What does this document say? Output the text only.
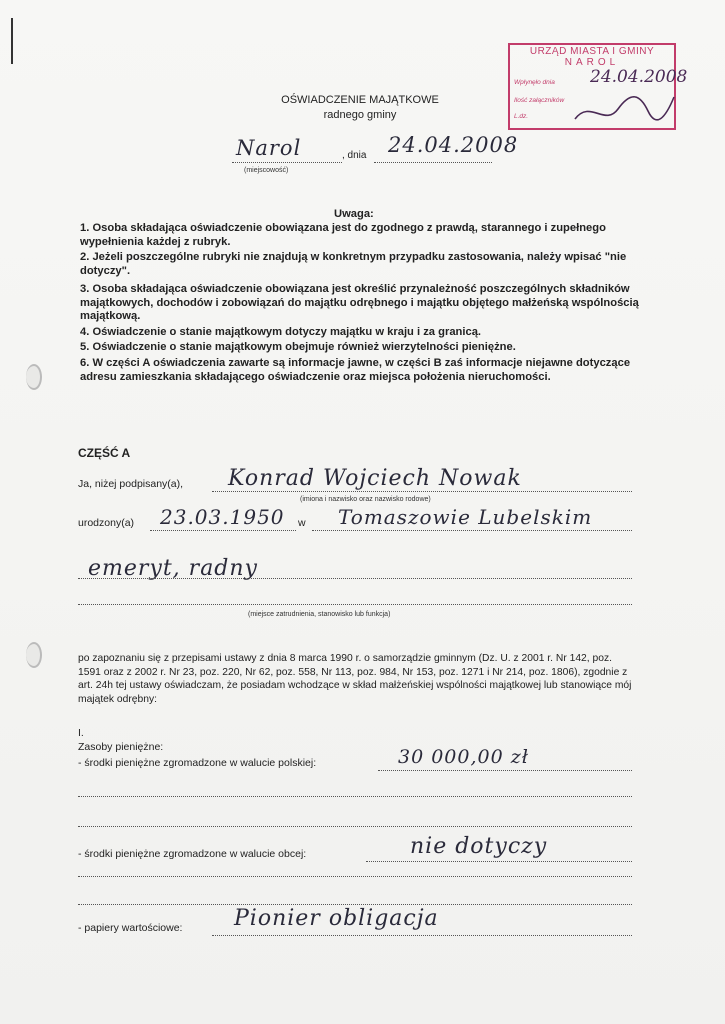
URZĄD MIASTA I GMINY
NAROL
Wpłynęło dnia 24.04.2008
Ilość załączników
L.dz.
OŚWIADCZENIE MAJĄTKOWE
radnego gminy
Narol
(miejscowość)
, dnia 24.04.2008
Uwaga:
1. Osoba składająca oświadczenie obowiązana jest do zgodnego z prawdą, starannego i zupełnego wypełnienia każdej z rubryk.
2. Jeżeli poszczególne rubryki nie znajdują w konkretnym przypadku zastosowania, należy wpisać "nie dotyczy".
3. Osoba składająca oświadczenie obowiązana jest określić przynależność poszczególnych składników majątkowych, dochodów i zobowiązań do majątku odrębnego i majątku objętego małżeńską wspólnością majątkową.
4. Oświadczenie o stanie majątkowym dotyczy majątku w kraju i za granicą.
5. Oświadczenie o stanie majątkowym obejmuje również wierzytelności pieniężne.
6. W części A oświadczenia zawarte są informacje jawne, w części B zaś informacje niejawne dotyczące adresu zamieszkania składającego oświadczenie oraz miejsca położenia nieruchomości.
CZĘŚĆ A
Ja, niżej podpisany(a), Konrad Wojciech Nowak
(imiona i nazwisko oraz nazwisko rodowe)
urodzony(a) 23.03.1950 w Tomaszowie Lubelskim
emeryt, radny
(miejsce zatrudnienia, stanowisko lub funkcja)
po zapoznaniu się z przepisami ustawy z dnia 8 marca 1990 r. o samorządzie gminnym (Dz. U. z 2001 r. Nr 142, poz. 1591 oraz z 2002 r. Nr 23, poz. 220, Nr 62, poz. 558, Nr 113, poz. 984, Nr 153, poz. 1271 i Nr 214, poz. 1806), zgodnie z art. 24h tej ustawy oświadczam, że posiadam wchodzące w skład małżeńskiej wspólności majątkowej lub stanowiące mój majątek odrębny:
I.
Zasoby pieniężne:
- środki pieniężne zgromadzone w walucie polskiej:	30 000,00 zł
- środki pieniężne zgromadzone w walucie obcej:	nie dotyczy
- papiery wartościowe: Pionier obligacja
